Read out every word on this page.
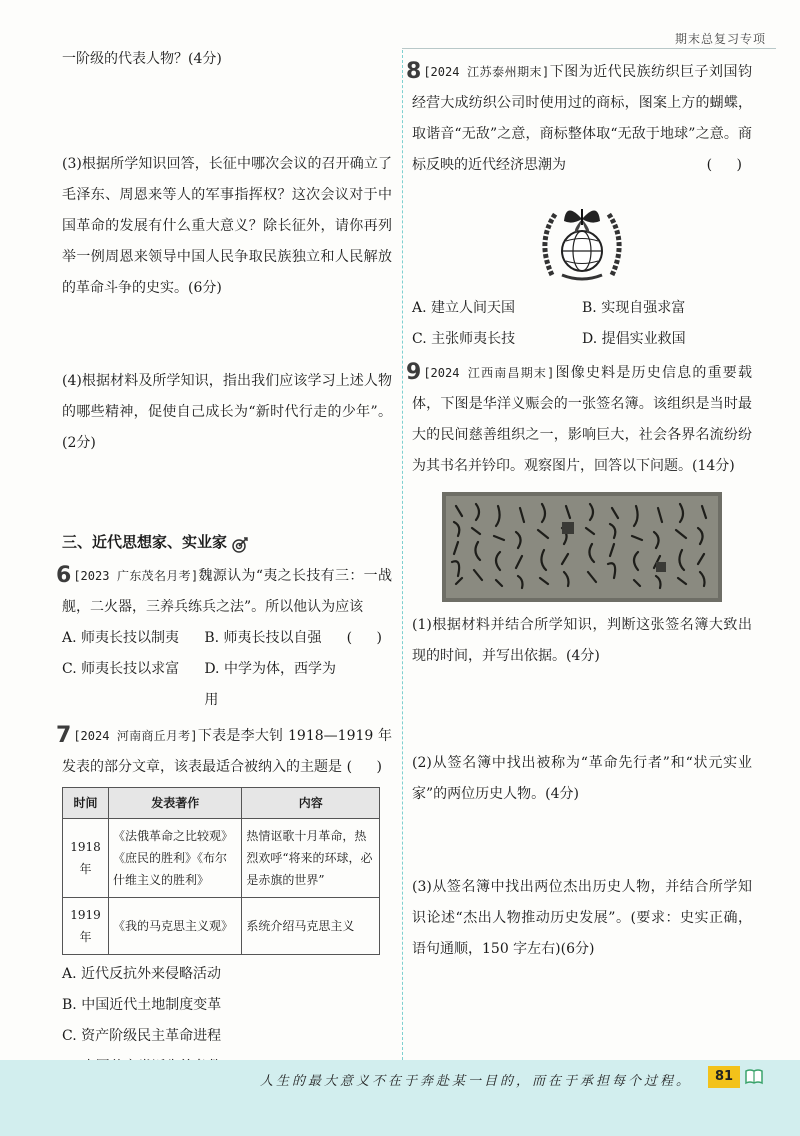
期末总复习专项
一阶级的代表人物？(4分)
(3)根据所学知识回答，长征中哪次会议的召开确立了毛泽东、周恩来等人的军事指挥权？这次会议对于中国革命的发展有什么重大意义？除长征外，请你再列举一例周恩来领导中国人民争取民族独立和人民解放的革命斗争的史实。(6分)
(4)根据材料及所学知识，指出我们应该学习上述人物的哪些精神，促使自己成长为“新时代行走的少年”。(2分)
三、近代思想家、实业家
6 [2023 广东茂名月考]魏源认为“夷之长技有三：一战舰，二火器，三养兵练兵之法”。所以他认为应该
( )
A. 师夷长技以制夷	B. 师夷长技以自强
C. 师夷长技以求富	D. 中学为体，西学为用
7 [2024 河南商丘月考]下表是李大钊 1918—1919 年发表的部分文章，该表最适合被纳入的主题是 ( )
时间	发表著作	内容
1918 年	《法俄革命之比较观》《庶民的胜利》《布尔什维主义的胜利》	热情讴歌十月革命，热烈欢呼“将来的环球，必是赤旗的世界”
1919 年	《我的马克思主义观》	系统介绍马克思主义
A. 近代反抗外来侵略活动
B. 中国近代土地制度变革
C. 资产阶级民主革命进程
8 [2024 江苏泰州期末]下图为近代民族纺织巨子刘国钧经营大成纺织公司时使用过的商标，图案上方的蝴蝶，取谐音“无敌”之意，商标整体取“无敌于地球”之意。商标反映的近代经济思潮为	( )
A. 建立人间天国	B. 实现自强求富
C. 主张师夷长技	D. 提倡实业救国
9 [2024 江西南昌期末]图像史料是历史信息的重要载体，下图是华洋义赈会的一张签名簿。该组织是当时最大的民间慈善组织之一，影响巨大，社会各界名流纷纷为其书名并钤印。观察图片，回答以下问题。(14分)
(1)根据材料并结合所学知识，判断这张签名簿大致出现的时间，并写出依据。(4分)
(2)从签名簿中找出被称为“革命先行者”和“状元实业家”的两位历史人物。(4分)
(3)从签名簿中找出两位杰出历史人物，并结合所学知识论述“杰出人物推动历史发展”。(要求：史实正确，语句通顺，150 字左右)(6分)
人生的最大意义不在于奔赴某一目的，而在于承担每个过程。	81
